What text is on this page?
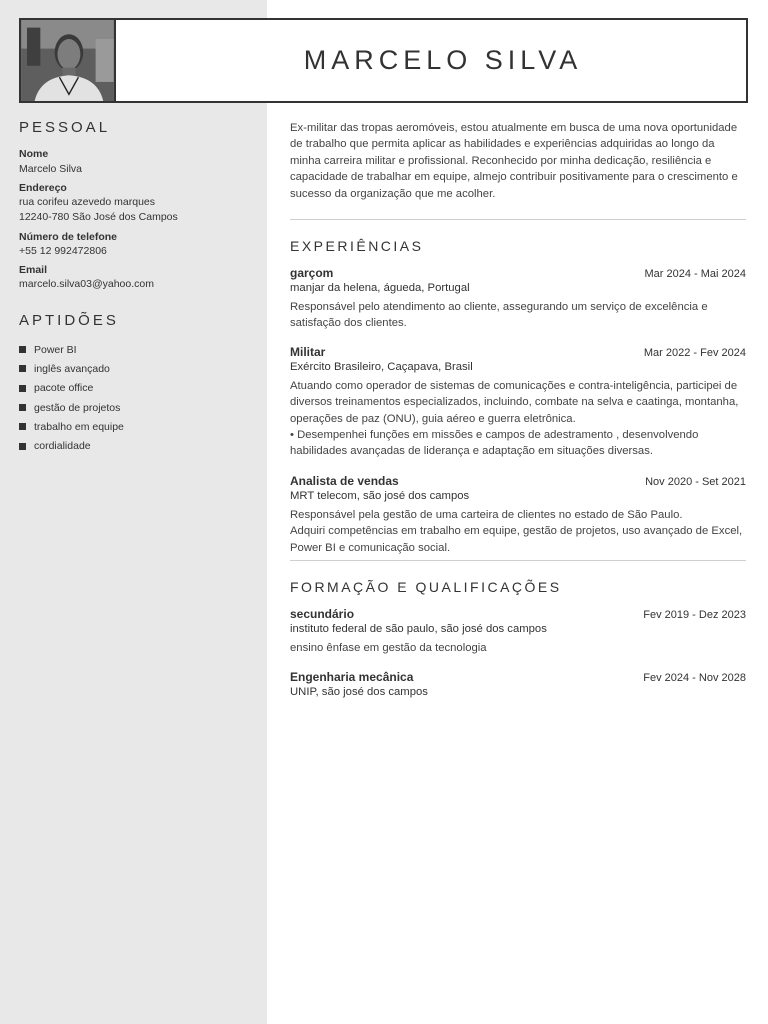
MARCELO SILVA
PESSOAL
Nome
Marcelo Silva
Endereço
rua corifeu azevedo marques
12240-780 São José dos Campos
Número de telefone
+55 12 992472806
Email
marcelo.silva03@yahoo.com
APTIDÕES
Power BI
inglês avançado
pacote office
gestão de projetos
trabalho em equipe
cordialidade

Ex-militar das tropas aeromóveis, estou atualmente em busca de uma nova oportunidade de trabalho que permita aplicar as habilidades e experiências adquiridas ao longo da minha carreira militar e profissional. Reconhecido por minha dedicação, resiliência e capacidade de trabalhar em equipe, almejo contribuir positivamente para o crescimento e sucesso da organização que me acolher.

EXPERIÊNCIAS
garçom	Mar 2024 - Mai 2024
manjar da helena, águeda, Portugal
Responsável pelo atendimento ao cliente, assegurando um serviço de excelência e satisfação dos clientes.
Militar	Mar 2022 - Fev 2024
Exército Brasileiro, Caçapava, Brasil
Atuando como operador de sistemas de comunicações e contra-inteligência, participei de diversos treinamentos especializados, incluindo, combate na selva e caatinga, montanha, operações de paz (ONU), guia aéreo e guerra eletrônica.
• Desempenhei funções em missões e campos de adestramento , desenvolvendo habilidades avançadas de liderança e adaptação em situações diversas.
Analista de vendas	Nov 2020 - Set 2021
MRT telecom, são josé dos campos
Responsável pela gestão de uma carteira de clientes no estado de São Paulo.
Adquiri competências em trabalho em equipe, gestão de projetos, uso avançado de Excel, Power BI e comunicação social.
FORMAÇÃO E QUALIFICAÇÕES
secundário	Fev 2019 - Dez 2023
instituto federal de são paulo, são josé dos campos
ensino ênfase em gestão da tecnologia
Engenharia mecânica	Fev 2024 - Nov 2028
UNIP, são josé dos campos
